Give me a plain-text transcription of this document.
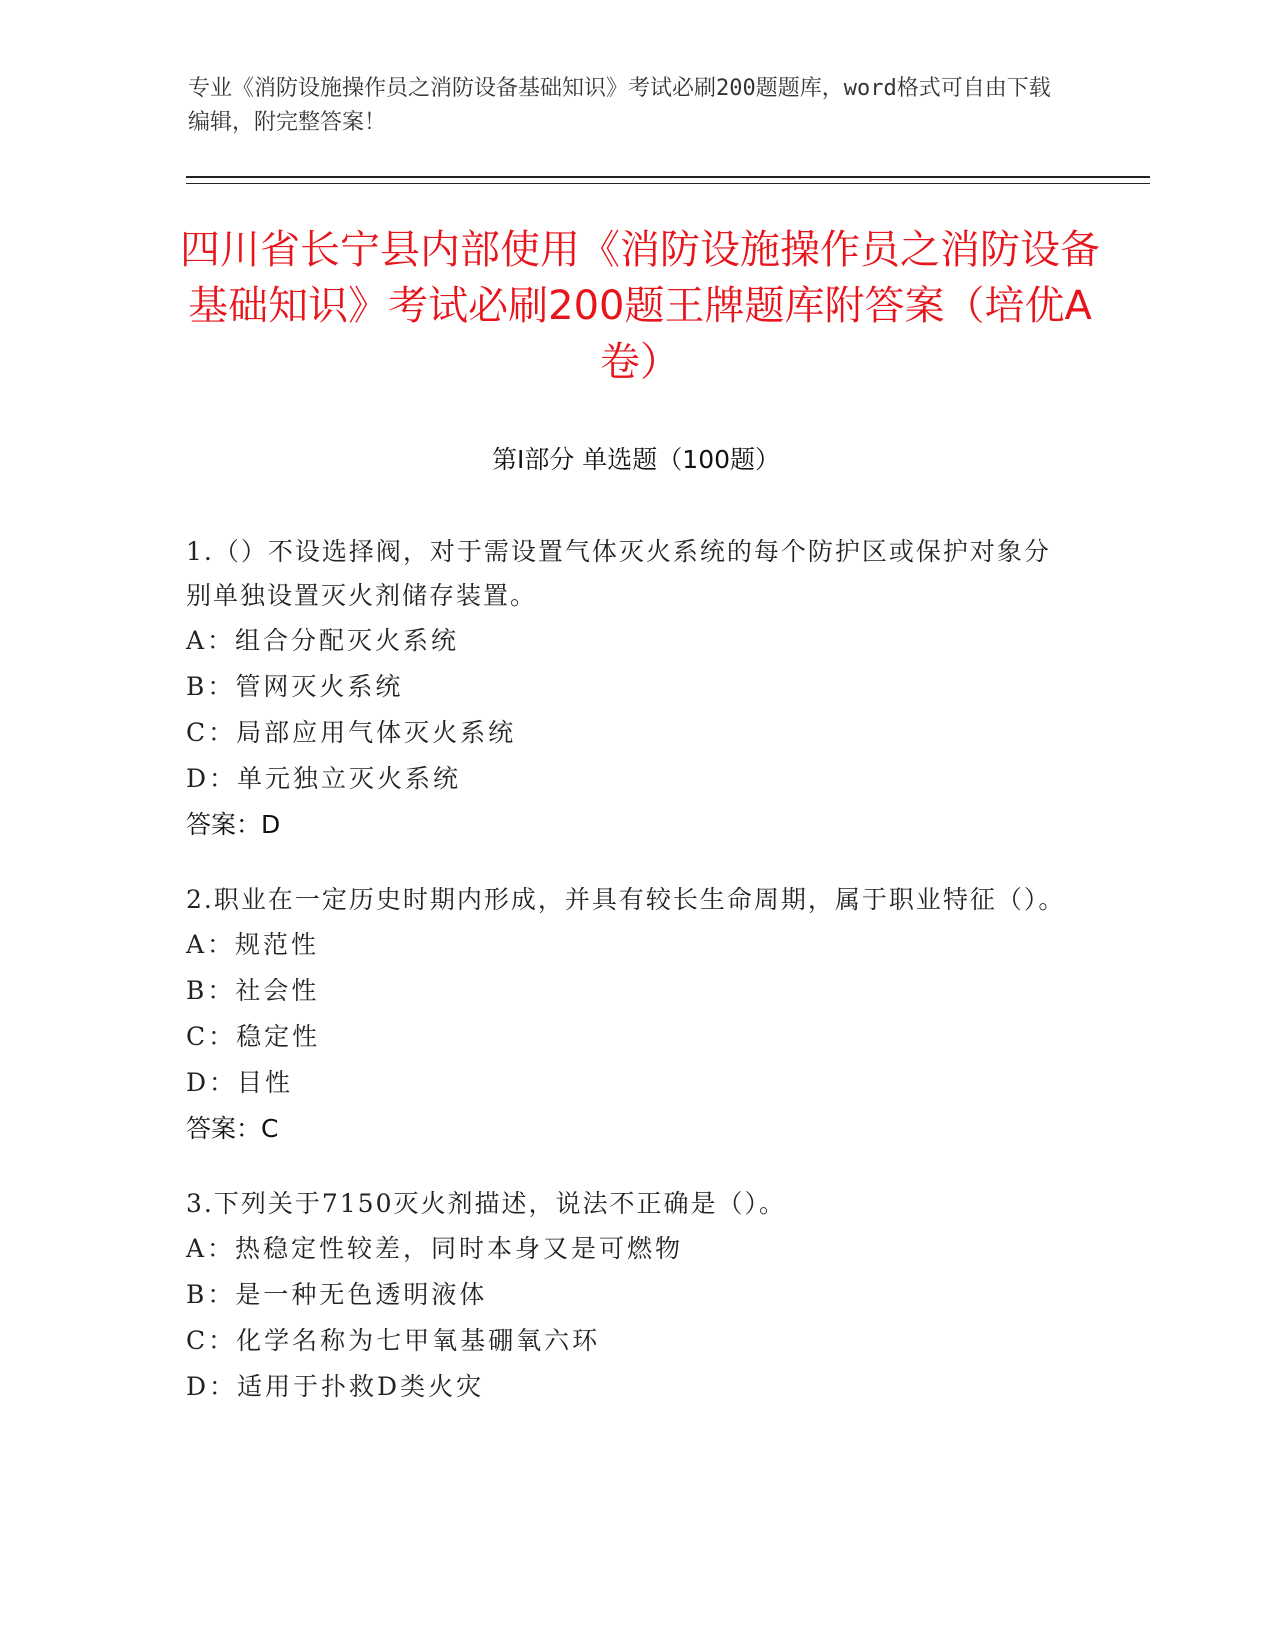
专业《消防设施操作员之消防设备基础知识》考试必刷200题题库，word格式可自由下载编辑，附完整答案！
四川省长宁县内部使用《消防设施操作员之消防设备基础知识》考试必刷200题王牌题库附答案（培优A卷）
第Ⅰ部分 单选题（100题）
1.（）不设选择阀，对于需设置气体灭火系统的每个防护区或保护对象分别单独设置灭火剂储存装置。
A：组合分配灭火系统
B：管网灭火系统
C：局部应用气体灭火系统
D：单元独立灭火系统
答案：D
2.职业在一定历史时期内形成，并具有较长生命周期，属于职业特征（）。
A：规范性
B：社会性
C：稳定性
D：目性
答案：C
3.下列关于7150灭火剂描述，说法不正确是（）。
A：热稳定性较差，同时本身又是可燃物
B：是一种无色透明液体
C：化学名称为七甲氧基硼氧六环
D：适用于扑救D类火灾
